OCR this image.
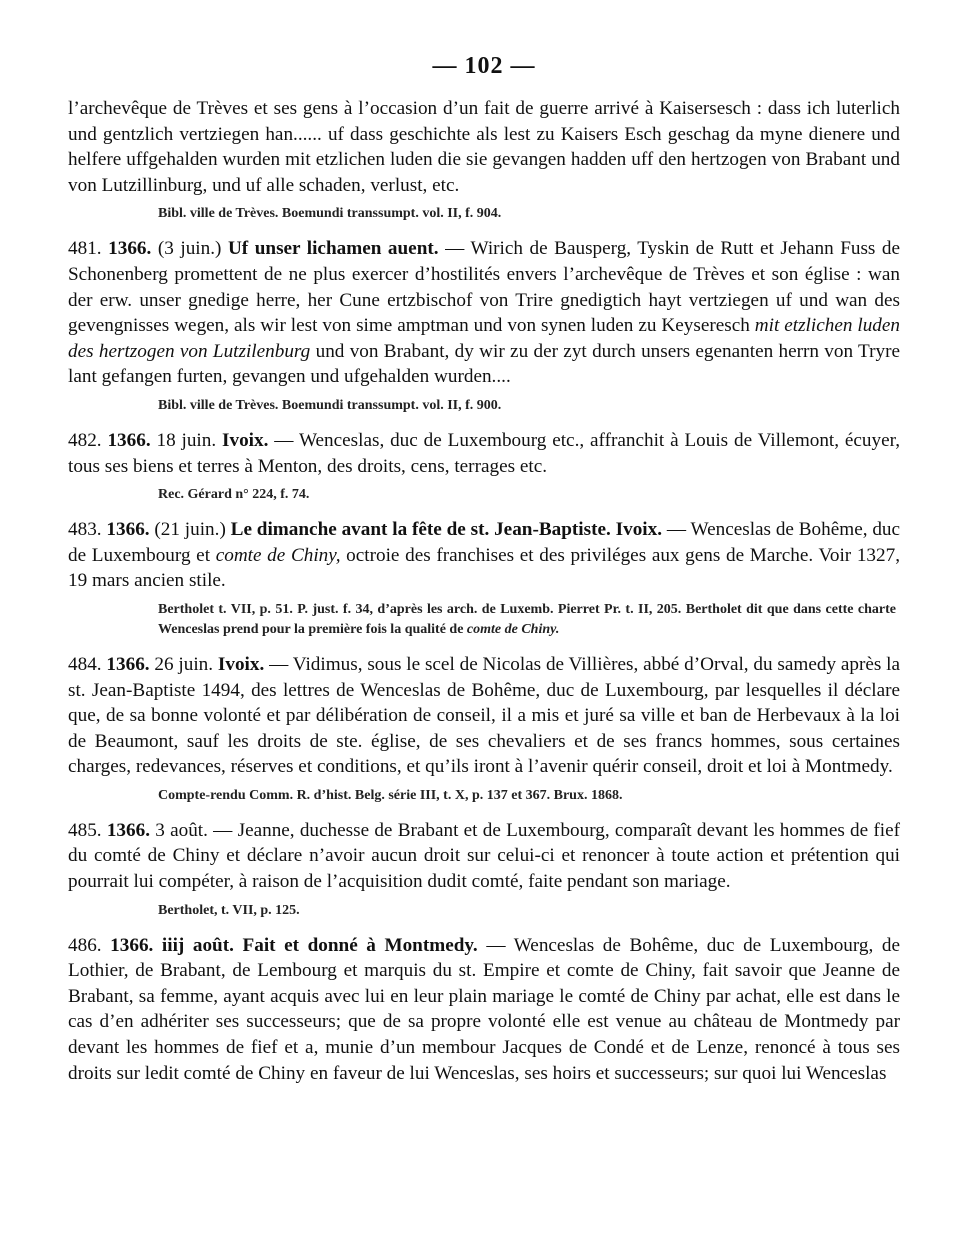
— 102 —

l’archevêque de Trèves et ses gens à l’occasion d’un fait de guerre arrivé à Kaisersesch : dass ich luterlich und gentzlich vertziegen han...... uf dass geschichte als lest zu Kaisers Esch geschag da myne dienere und helfere uffgehalden wurden mit etzlichen luden die sie gevangen hadden uff den hertzogen von Brabant und von Lutzillinburg, und uf alle schaden, verlust, etc.

Bibl. ville de Trèves. Boemundi transsumpt. vol. II, f. 904.

481. 1366. (3 juin.) Uf unser lichamen auent. — Wirich de Bausperg, Tyskin de Rutt et Jehann Fuss de Schonenberg promettent de ne plus exercer d’hostilités envers l’archevêque de Trèves et son église : wan der erw. unser gnedige herre, her Cune ertzbischof von Trire gnedigtich hayt vertziegen uf und wan des gevengnisses wegen, als wir lest von sime amptman und von synen luden zu Keyseresch mit etzlichen luden des hertzogen von Lutzilenburg und von Brabant, dy wir zu der zyt durch unsers egenanten herrn von Tryre lant gefangen furten, gevangen und ufgehalden wurden....

Bibl. ville de Trèves. Boemundi transsumpt. vol. II, f. 900.

482. 1366. 18 juin. Ivoix. — Wenceslas, duc de Luxembourg etc., affranchit à Louis de Villemont, écuyer, tous ses biens et terres à Menton, des droits, cens, terrages etc.

Rec. Gérard n° 224, f. 74.

483. 1366. (21 juin.) Le dimanche avant la fête de st. Jean-Baptiste. Ivoix. — Wenceslas de Bohême, duc de Luxembourg et comte de Chiny, octroie des franchises et des priviléges aux gens de Marche. Voir 1327, 19 mars ancien stile.

Bertholet t. VII, p. 51. P. just. f. 34, d’après les arch. de Luxemb. Pierret Pr. t. II, 205. Bertholet dit que dans cette charte Wenceslas prend pour la première fois la qualité de comte de Chiny.

484. 1366. 26 juin. Ivoix. — Vidimus, sous le scel de Nicolas de Villières, abbé d’Orval, du samedy après la st. Jean-Baptiste 1494, des lettres de Wenceslas de Bohême, duc de Luxembourg, par lesquelles il déclare que, de sa bonne volonté et par délibération de conseil, il a mis et juré sa ville et ban de Herbevaux à la loi de Beaumont, sauf les droits de ste. église, de ses chevaliers et de ses francs hommes, sous certaines charges, redevances, réserves et conditions, et qu’ils iront à l’avenir quérir conseil, droit et loi à Montmedy.

Compte-rendu Comm. R. d’hist. Belg. série III, t. X, p. 137 et 367. Brux. 1868.

485. 1366. 3 août. — Jeanne, duchesse de Brabant et de Luxembourg, comparaît devant les hommes de fief du comté de Chiny et déclare n’avoir aucun droit sur celui-ci et renoncer à toute action et prétention qui pourrait lui compéter, à raison de l’acquisition dudit comté, faite pendant son mariage.

Bertholet, t. VII, p. 125.

486. 1366. iiij août. Fait et donné à Montmedy. — Wenceslas de Bohême, duc de Luxembourg, de Lothier, de Brabant, de Lembourg et marquis du st. Empire et comte de Chiny, fait savoir que Jeanne de Brabant, sa femme, ayant acquis avec lui en leur plain mariage le comté de Chiny par achat, elle est dans le cas d’en adhériter ses successeurs; que de sa propre volonté elle est venue au château de Montmedy par devant les hommes de fief et a, munie d’un membour Jacques de Condé et de Lenze, renoncé à tous ses droits sur ledit comté de Chiny en faveur de lui Wenceslas, ses hoirs et successeurs; sur quoi lui Wenceslas
